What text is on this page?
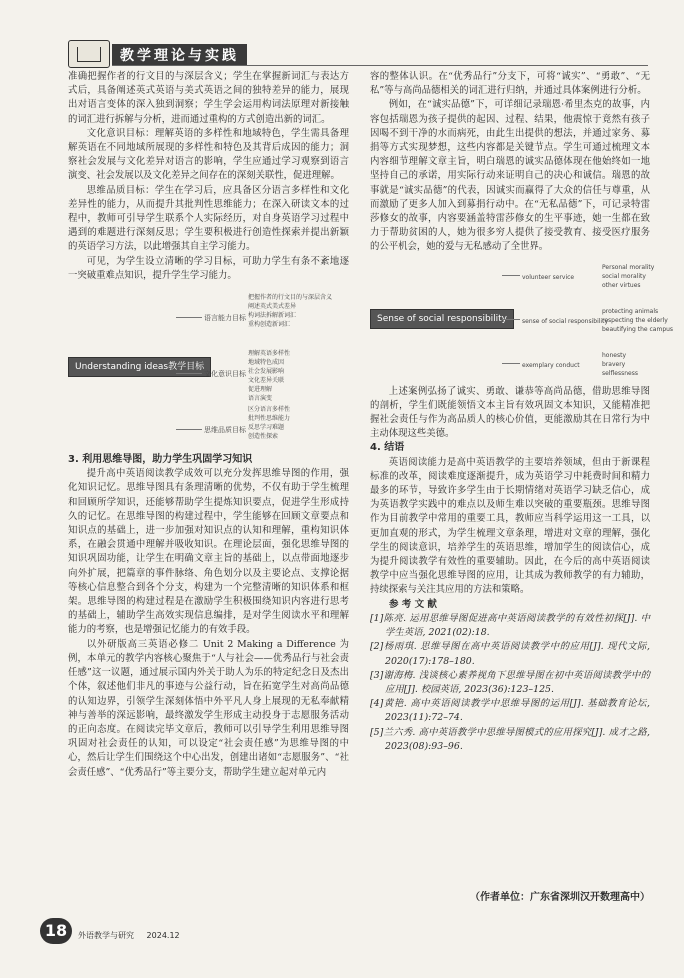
教学理论与实践

准确把握作者的行文目的与深层含义；学生在掌握新词汇与表达方式后，具备阐述英式英语与美式英语之间的独特差异的能力，展现出对语言变体的深入独到洞察；学生学会运用构词法原理对新接触的词汇进行拆解与分析，进而通过重构的方式创造出新的词汇。

文化意识目标：理解英语的多样性和地域特色，学生需具备理解英语在不同地域所展现的多样性和特色及其背后成因的能力；洞察社会发展与文化差异对语言的影响，学生应通过学习观察到语言演变、社会发展以及文化差异之间存在的深刻关联性，促进理解。

思维品质目标：学生在学习后，应具备区分语言多样性和文化差异性的能力，从而提升其批判性思维能力；在深入研读文本的过程中，教师可引导学生联系个人实际经历，对自身英语学习过程中遇到的难题进行深刻反思；学生要积极进行创造性探索并提出新颖的英语学习方法，以此增强其自主学习能力。

可见，为学生设立清晰的学习目标，可助力学生有条不紊地逐一突破重难点知识，提升学生学习能力。

Understanding ideas教学目标
语言能力目标
把握作者的行文目的与深层含义
阐述英式美式差异
构词法拆解新词汇
重构创造新词汇
文化意识目标
理解英语多样性
地域特色成因
社会发展影响
文化差异关联
促进理解
语言演变
思维品质目标
区分语言多样性
批判性思维能力
反思学习难题
创造性探索

3. 利用思维导图，助力学生巩固学习知识

提升高中英语阅读教学成效可以充分发挥思维导图的作用，强化知识记忆。思维导图具有条理清晰的优势，不仅有助于学生梳理和回顾所学知识，还能够帮助学生提炼知识要点，促进学生形成持久的记忆。在思维导图的构建过程中，学生能够在回顾文章要点和知识点的基础上，进一步加强对知识点的认知和理解，重构知识体系，在融会贯通中理解并吸收知识。在理论层面，强化思维导图的知识巩固功能，让学生在明确文章主旨的基础上，以点带面地逐步向外扩展，把篇章的事件脉络、角色划分以及主要论点、支撑论据等核心信息整合到各个分支，构建为一个完整清晰的知识体系和框架。思维导图的构建过程是在激励学生积极围绕知识内容进行思考的基础上，辅助学生高效实现信息编排，是对学生阅读水平和理解能力的考察，也是增强记忆能力的有效手段。

以外研版高三英语必修二 Unit 2 Making a Difference 为例，本单元的教学内容核心聚焦于“人与社会——优秀品行与社会责任感”这一议题，通过展示国内外关于助人为乐的特定纪念日及杰出个体，叙述他们非凡的事迹与公益行动，旨在拓宽学生对高尚品德的认知边界，引领学生深刻体悟中外平凡人身上展现的无私奉献精神与善举的深远影响，最终激发学生形成主动投身于志愿服务活动的正向态度。在阅读完毕文章后，教师可以引导学生利用思维导图巩固对社会责任的认知，可以设定“社会责任感”为思维导图的中心，然后让学生们围绕这个中心出发，创建出诸如“志愿服务”、“社会责任感”、“优秀品行”等主要分支，帮助学生建立起对单元内

容的整体认识。在“优秀品行”分支下，可将“诚实”、“勇敢”、“无私”等与高尚品德相关的词汇进行归纳，并通过具体案例进行分析。

例如，在“诚实品德”下，可详细记录瑞恩·希里杰克的故事，内容包括瑞恩为孩子提供的起因、过程、结果，他震惊于竟然有孩子因喝不到干净的水而病死，由此生出提供的想法，并通过家务、募捐等方式实现梦想，这些内容都是关键节点。学生可通过梳理文本内容细节理解文章主旨，明白瑞恩的诚实品德体现在他始终如一地坚持自己的承诺，用实际行动来证明自己的决心和诚信。瑞恩的故事就是“诚实品德”的代表，因诚实而赢得了大众的信任与尊重，从而激励了更多人加入到募捐行动中。在“无私品德”下，可记录特雷莎修女的故事，内容要涵盖特雷莎修女的生平事迹，她一生都在致力于帮助贫困的人，她为很多穷人提供了接受教育、接受医疗服务的公平机会，她的爱与无私感动了全世界。

Sense of social responsibility
volunteer service
Personal morality
social morality
other virtues
sense of social responsibility
protecting animals
respecting the elderly
beautifying the campus
exemplary conduct
honesty
bravery
selflessness

上述案例弘扬了诚实、勇敢、谦恭等高尚品德，借助思维导图的剖析，学生们既能领悟文本主旨有效巩固文本知识，又能精准把握社会责任与作为高品质人的核心价值，更能激励其在日常行为中主动体现这些美德。

4. 结语

英语阅读能力是高中英语教学的主要培养领域，但由于新课程标准的改革，阅读难度逐渐提升，成为英语学习中耗费时间和精力最多的环节，导致许多学生由于长期情绪对英语学习缺乏信心，成为英语教学实践中的难点以及师生难以突破的重要瓶颈。思维导图作为目前教学中常用的重要工具，教师应当科学运用这一工具，以更加直观的形式，为学生梳理文章条理，增进对文章的理解，强化学生的阅读意识，培养学生的英语思维，增加学生的阅读信心，成为提升阅读教学有效性的重要辅助。因此，在今后的高中英语阅读教学中应当强化思维导图的应用，让其成为教师教学的有力辅助，持续探索与关注其应用的方法和策略。

参 考 文 献

[1]陈亮. 运用思维导图促进高中英语阅读教学的有效性初探[J]. 中学生英语, 2021(02):18.
[2]杨雨琪. 思维导图在高中英语阅读教学中的应用[J]. 现代文际, 2020(17):178–180.
[3]谢海梅. 浅谈核心素养视角下思维导图在初中英语阅读教学中的应用[J]. 校园英语, 2023(36):123–125.
[4]黄艳. 高中英语阅读教学中思维导图的运用[J]. 基础教育论坛, 2023(11):72–74.
[5]兰六秀. 高中英语教学中思维导图模式的应用探究[J]. 成才之路, 2023(08):93–96.
（作者单位：广东省深圳汉开数理高中）
18	外语教学与研究 2024.12
